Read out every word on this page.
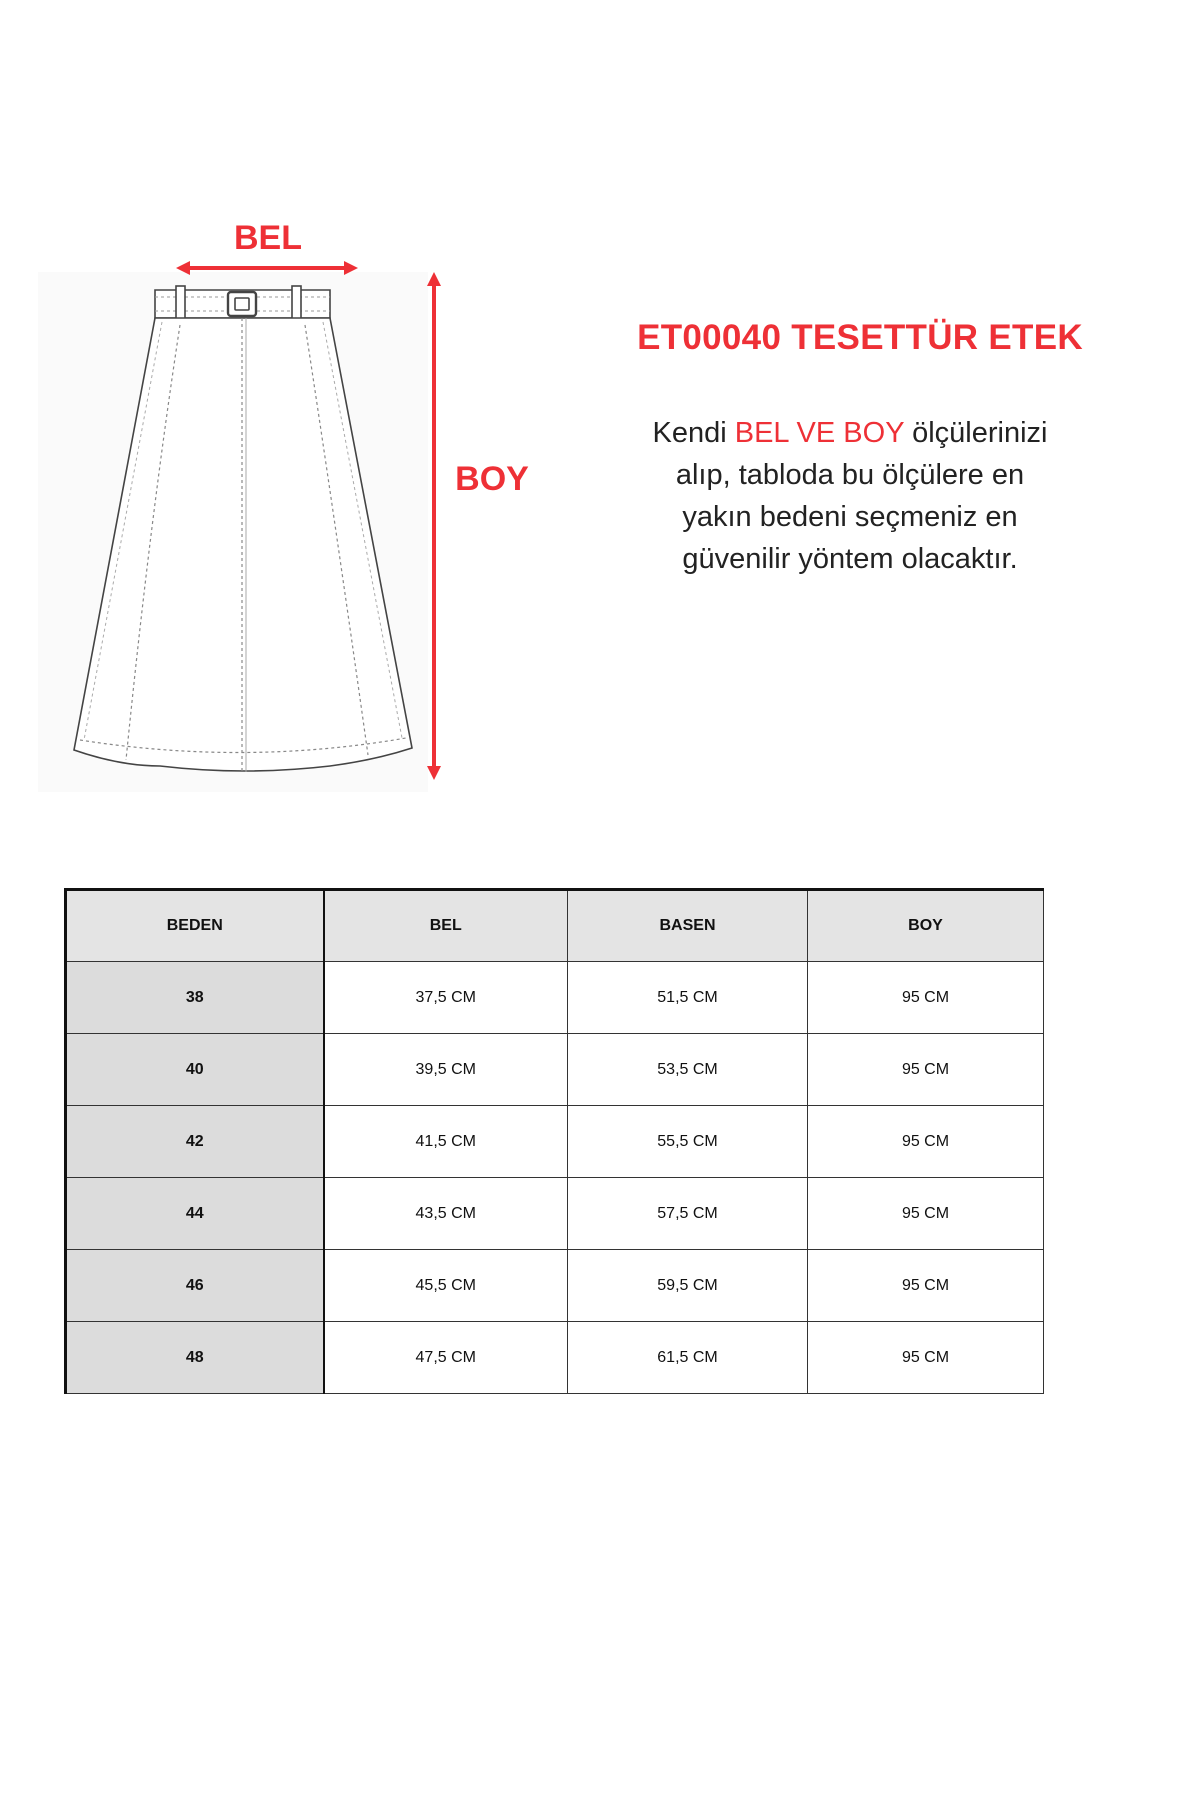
BEL
BOY
ET00040 TESETTÜR ETEK
Kendi BEL VE BOY ölçülerinizi
alıp, tabloda bu ölçülere en
yakın bedeni seçmeniz en
güvenilir yöntem olacaktır.
BEDEN	BEL	BASEN	BOY
38	37,5 CM	51,5 CM	95 CM
40	39,5 CM	53,5 CM	95 CM
42	41,5 CM	55,5 CM	95 CM
44	43,5 CM	57,5 CM	95 CM
46	45,5 CM	59,5 CM	95 CM
48	47,5 CM	61,5 CM	95 CM
